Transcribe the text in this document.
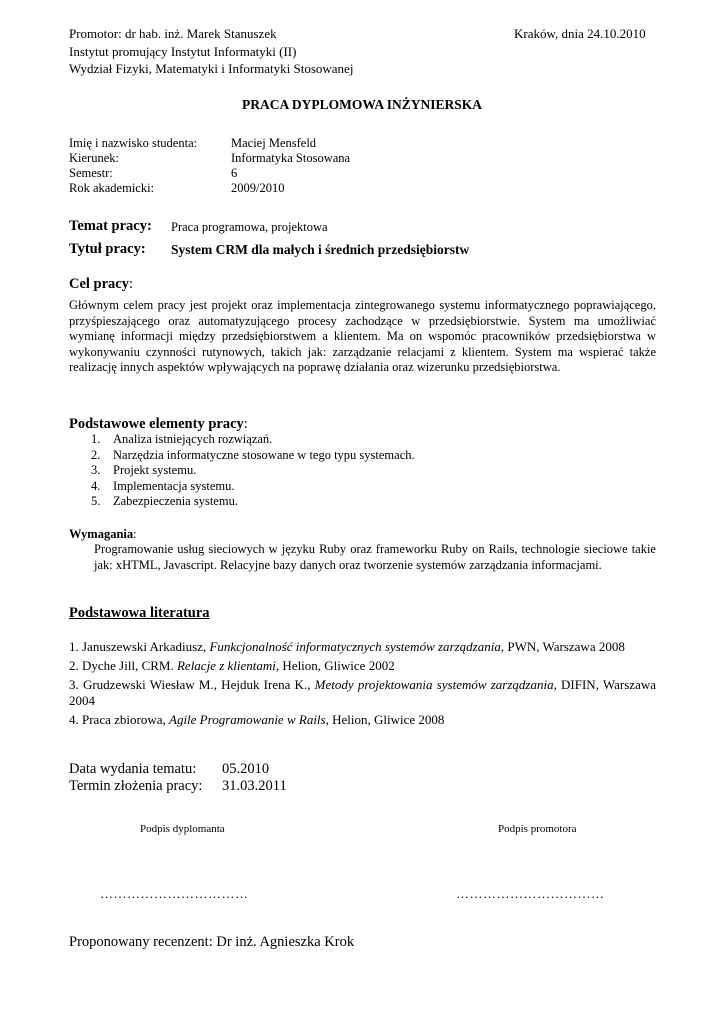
Promotor: dr hab. inż. Marek Stanuszek	Kraków, dnia 24.10.2010
Instytut promujący Instytut Informatyki (II)
Wydział Fizyki, Matematyki i Informatyki Stosowanej
PRACA DYPLOMOWA INŻYNIERSKA
Imię i nazwisko studenta:	Maciej Mensfeld
Kierunek:	Informatyka Stosowana
Semestr:	6
Rok akademicki:	2009/2010
Temat pracy: Praca programowa, projektowa
Tytuł pracy: System CRM dla małych i średnich przedsiębiorstw
Cel pracy:
Głównym celem pracy jest projekt oraz implementacja zintegrowanego systemu informatycznego poprawiającego, przyśpieszającego oraz automatyzującego procesy zachodzące w przedsiębiorstwie. System ma umożliwiać wymianę informacji między przedsiębiorstwem a klientem. Ma on wspomóc pracowników przedsiębiorstwa w wykonywaniu czynności rutynowych, takich jak: zarządzanie relacjami z klientem. System ma wspierać także realizację innych aspektów wpływających na poprawę działania oraz wizerunku przedsiębiorstwa.
Podstawowe elementy pracy:
1. Analiza istniejących rozwiązań.
2. Narzędzia informatyczne stosowane w tego typu systemach.
3. Projekt systemu.
4. Implementacja systemu.
5. Zabezpieczenia systemu.
Wymagania:
Programowanie usług sieciowych w języku Ruby oraz frameworku Ruby on Rails, technologie sieciowe takie jak: xHTML, Javascript. Relacyjne bazy danych oraz tworzenie systemów zarządzania informacjami.
Podstawowa literatura
1. Januszewski Arkadiusz, Funkcjonalność informatycznych systemów zarządzania, PWN, Warszawa 2008
2. Dyche Jill, CRM. Relacje z klientami, Helion, Gliwice 2002
3. Grudzewski Wiesław M., Hejduk Irena K., Metody projektowania systemów zarządzania, DIFIN, Warszawa 2004
4. Praca zbiorowa, Agile Programowanie w Rails, Helion, Gliwice 2008
Data wydania tematu: 05.2010
Termin złożenia pracy: 31.03.2011
Podpis dyplomanta	Podpis promotora
……………………………	……………………………
Proponowany recenzent: Dr inż. Agnieszka Krok
